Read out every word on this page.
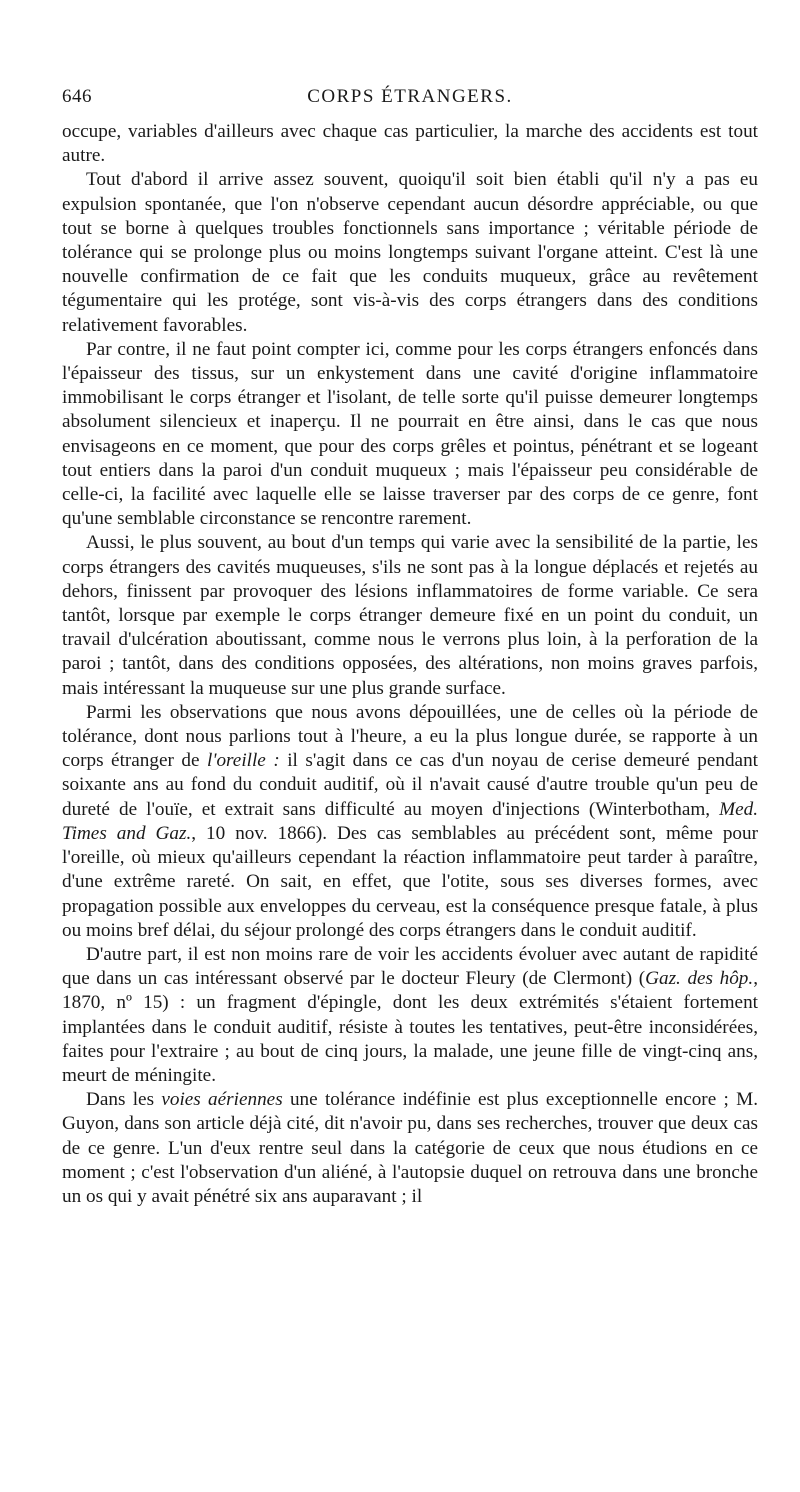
646	CORPS ÉTRANGERS.

occupe, variables d'ailleurs avec chaque cas particulier, la marche des accidents est tout autre.

Tout d'abord il arrive assez souvent, quoiqu'il soit bien établi qu'il n'y a pas eu expulsion spontanée, que l'on n'observe cependant aucun désordre appréciable, ou que tout se borne à quelques troubles fonctionnels sans importance ; véritable période de tolérance qui se prolonge plus ou moins longtemps suivant l'organe atteint. C'est là une nouvelle confirmation de ce fait que les conduits muqueux, grâce au revêtement tégumentaire qui les protége, sont vis-à-vis des corps étrangers dans des conditions relativement favorables.

Par contre, il ne faut point compter ici, comme pour les corps étrangers enfoncés dans l'épaisseur des tissus, sur un enkystement dans une cavité d'origine inflammatoire immobilisant le corps étranger et l'isolant, de telle sorte qu'il puisse demeurer longtemps absolument silencieux et inaperçu. Il ne pourrait en être ainsi, dans le cas que nous envisageons en ce moment, que pour des corps grêles et pointus, pénétrant et se logeant tout entiers dans la paroi d'un conduit muqueux ; mais l'épaisseur peu considérable de celle-ci, la facilité avec laquelle elle se laisse traverser par des corps de ce genre, font qu'une semblable circonstance se rencontre rarement.

Aussi, le plus souvent, au bout d'un temps qui varie avec la sensibilité de la partie, les corps étrangers des cavités muqueuses, s'ils ne sont pas à la longue déplacés et rejetés au dehors, finissent par provoquer des lésions inflammatoires de forme variable. Ce sera tantôt, lorsque par exemple le corps étranger demeure fixé en un point du conduit, un travail d'ulcération aboutissant, comme nous le verrons plus loin, à la perforation de la paroi ; tantôt, dans des conditions opposées, des altérations, non moins graves parfois, mais intéressant la muqueuse sur une plus grande surface.

Parmi les observations que nous avons dépouillées, une de celles où la période de tolérance, dont nous parlions tout à l'heure, a eu la plus longue durée, se rapporte à un corps étranger de l'oreille : il s'agit dans ce cas d'un noyau de cerise demeuré pendant soixante ans au fond du conduit auditif, où il n'avait causé d'autre trouble qu'un peu de dureté de l'ouïe, et extrait sans difficulté au moyen d'injections (Winterbotham, Med. Times and Gaz., 10 nov. 1866). Des cas semblables au précédent sont, même pour l'oreille, où mieux qu'ailleurs cependant la réaction inflammatoire peut tarder à paraître, d'une extrême rareté. On sait, en effet, que l'otite, sous ses diverses formes, avec propagation possible aux enveloppes du cerveau, est la conséquence presque fatale, à plus ou moins bref délai, du séjour prolongé des corps étrangers dans le conduit auditif.

D'autre part, il est non moins rare de voir les accidents évoluer avec autant de rapidité que dans un cas intéressant observé par le docteur Fleury (de Clermont) (Gaz. des hôp., 1870, nº 15) : un fragment d'épingle, dont les deux extrémités s'étaient fortement implantées dans le conduit auditif, résiste à toutes les tentatives, peut-être inconsidérées, faites pour l'extraire ; au bout de cinq jours, la malade, une jeune fille de vingt-cinq ans, meurt de méningite.

Dans les voies aériennes une tolérance indéfinie est plus exceptionnelle encore ; M. Guyon, dans son article déjà cité, dit n'avoir pu, dans ses recherches, trouver que deux cas de ce genre. L'un d'eux rentre seul dans la catégorie de ceux que nous étudions en ce moment ; c'est l'observation d'un aliéné, à l'autopsie duquel on retrouva dans une bronche un os qui y avait pénétré six ans auparavant ; il
